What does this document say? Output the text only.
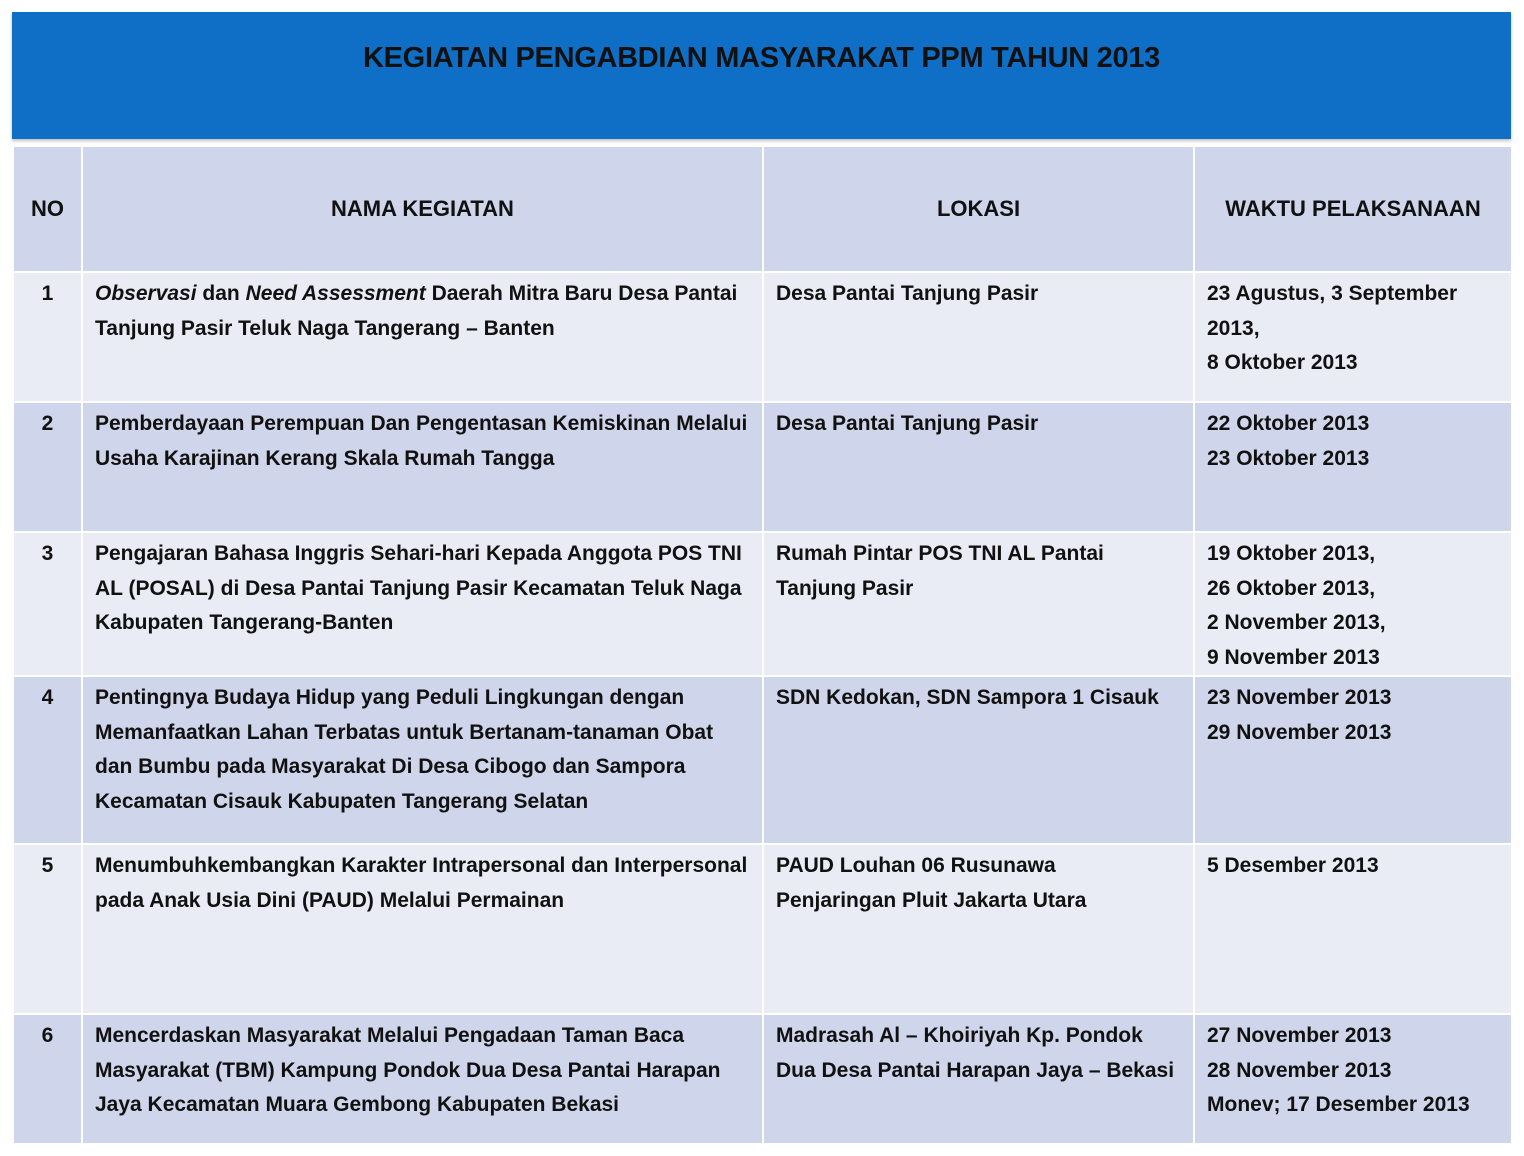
KEGIATAN PENGABDIAN MASYARAKAT PPM TAHUN 2013
NO	NAMA KEGIATAN	LOKASI	WAKTU PELAKSANAAN
1	Observasi dan Need Assessment Daerah Mitra Baru Desa Pantai Tanjung Pasir Teluk Naga Tangerang – Banten	Desa Pantai Tanjung Pasir	23 Agustus, 3 September 2013,
8 Oktober 2013

2	Pemberdayaan Perempuan Dan Pengentasan Kemiskinan Melalui Usaha Karajinan Kerang Skala Rumah Tangga	Desa Pantai Tanjung Pasir	22 Oktober 2013
23 Oktober 2013

3	Pengajaran Bahasa Inggris Sehari-hari Kepada Anggota POS TNI AL (POSAL) di Desa Pantai Tanjung Pasir Kecamatan Teluk Naga Kabupaten Tangerang-Banten	Rumah Pintar POS TNI AL Pantai Tanjung Pasir	19 Oktober 2013,
26 Oktober 2013,
2 November 2013,
9 November 2013

4	Pentingnya Budaya Hidup yang Peduli Lingkungan dengan Memanfaatkan Lahan Terbatas untuk Bertanam-tanaman Obat dan Bumbu pada Masyarakat Di Desa Cibogo dan Sampora Kecamatan Cisauk Kabupaten Tangerang Selatan	SDN Kedokan, SDN Sampora 1 Cisauk	23 November 2013
29 November 2013

5	Menumbuhkembangkan Karakter Intrapersonal dan Interpersonal pada Anak Usia Dini (PAUD) Melalui Permainan	PAUD Louhan 06 Rusunawa Penjaringan Pluit Jakarta Utara	5 Desember 2013

6	Mencerdaskan Masyarakat Melalui Pengadaan Taman Baca Masyarakat (TBM) Kampung Pondok Dua Desa Pantai Harapan Jaya Kecamatan Muara Gembong Kabupaten Bekasi	Madrasah Al – Khoiriyah Kp. Pondok Dua Desa Pantai Harapan Jaya – Bekasi	27 November 2013
28 November 2013
Monev; 17 Desember 2013
